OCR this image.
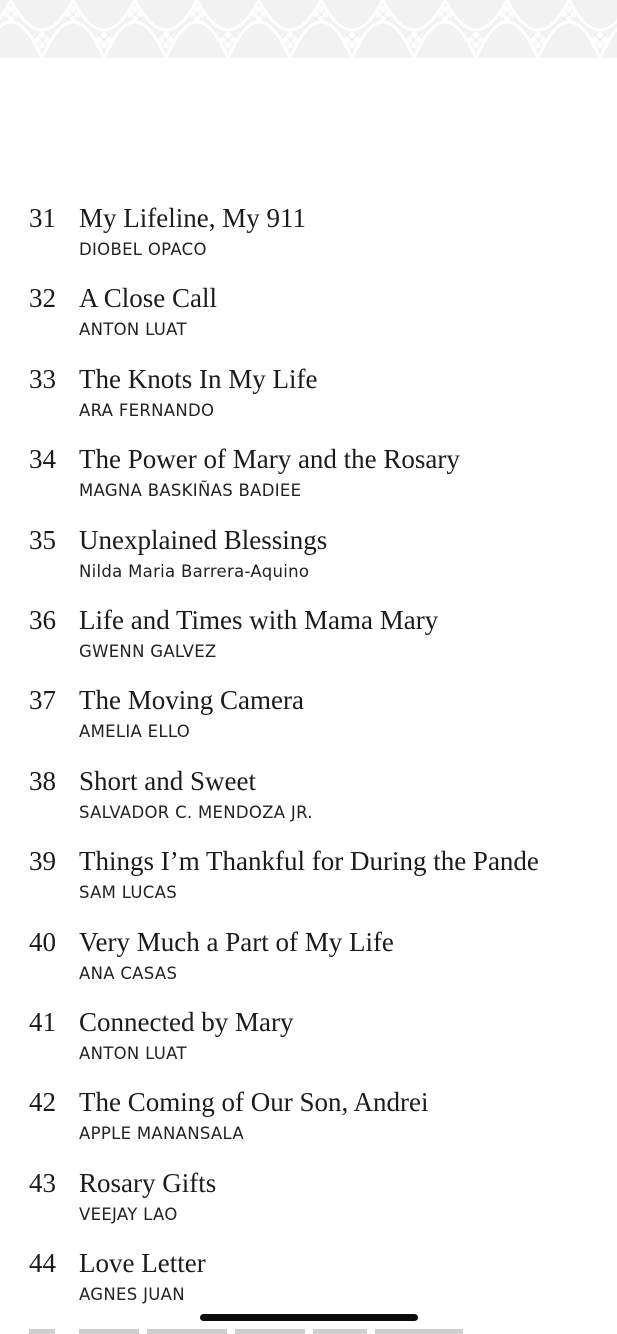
31 My Lifeline, My 911
DIOBEL OPACO
32 A Close Call
ANTON LUAT
33 The Knots In My Life
ARA FERNANDO
34 The Power of Mary and the Rosary
MAGNA BASKIÑAS BADIEE
35 Unexplained Blessings
Nilda Maria Barrera-Aquino
36 Life and Times with Mama Mary
GWENN GALVEZ
37 The Moving Camera
AMELIA ELLO
38 Short and Sweet
SALVADOR C. MENDOZA JR.
39 Things I’m Thankful for During the Pande
SAM LUCAS
40 Very Much a Part of My Life
ANA CASAS
41 Connected by Mary
ANTON LUAT
42 The Coming of Our Son, Andrei
APPLE MANANSALA
43 Rosary Gifts
VEEJAY LAO
44 Love Letter
AGNES JUAN
